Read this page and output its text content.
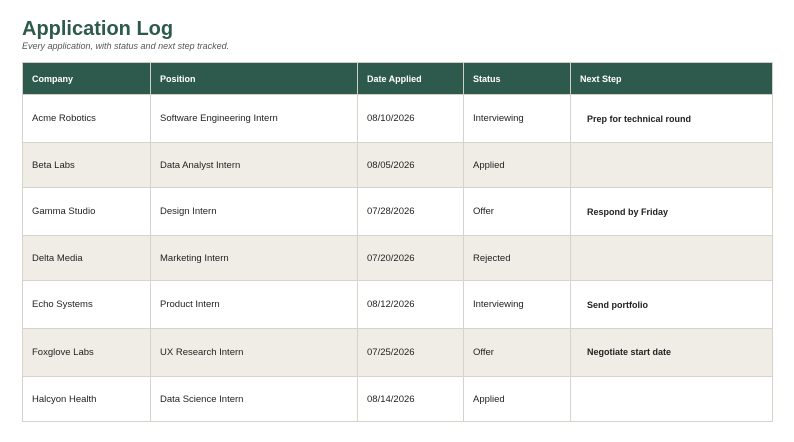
Application Log

Every application, with status and next step tracked.

Company	Position	Date Applied	Status	Next Step
Acme Robotics	Software Engineering Intern	08/10/2026	Interviewing	Prep for technical round
Beta Labs	Data Analyst Intern	08/05/2026	Applied	
Gamma Studio	Design Intern	07/28/2026	Offer	Respond by Friday
Delta Media	Marketing Intern	07/20/2026	Rejected	
Echo Systems	Product Intern	08/12/2026	Interviewing	Send portfolio
Foxglove Labs	UX Research Intern	07/25/2026	Offer	Negotiate start date
Halcyon Health	Data Science Intern	08/14/2026	Applied	
